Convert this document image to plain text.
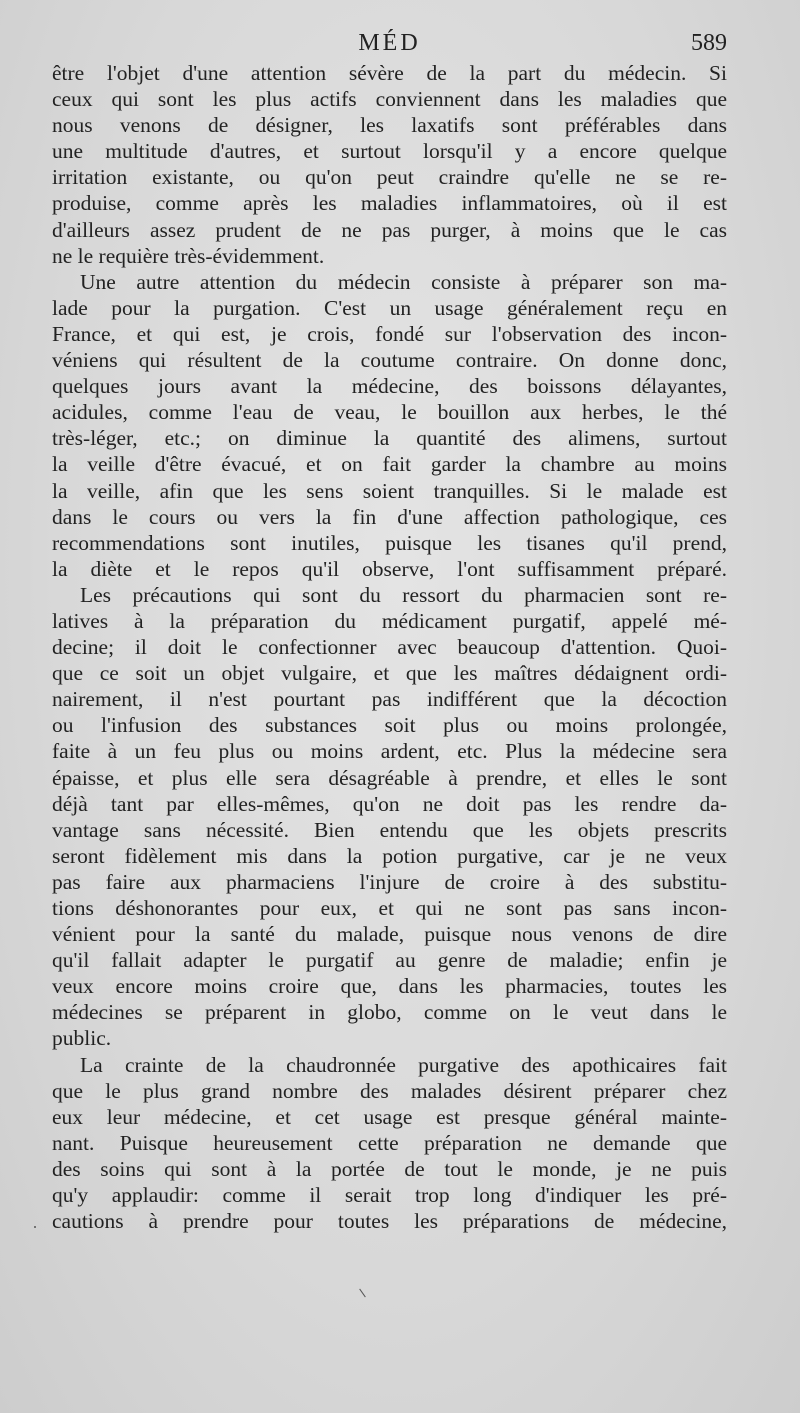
MÉD	589
être l'objet d'une attention sévère de la part du médecin. Si
ceux qui sont les plus actifs conviennent dans les maladies que
nous venons de désigner, les laxatifs sont préférables dans
une multitude d'autres, et surtout lorsqu'il y a encore quelque
irritation existante, ou qu'on peut craindre qu'elle ne se re-
produise, comme après les maladies inflammatoires, où il est
d'ailleurs assez prudent de ne pas purger, à moins que le cas
ne le requière très-évidemment.
Une autre attention du médecin consiste à préparer son ma-
lade pour la purgation. C'est un usage généralement reçu en
France, et qui est, je crois, fondé sur l'observation des incon-
véniens qui résultent de la coutume contraire. On donne donc,
quelques jours avant la médecine, des boissons délayantes,
acidules, comme l'eau de veau, le bouillon aux herbes, le thé
très-léger, etc.; on diminue la quantité des alimens, surtout
la veille d'être évacué, et on fait garder la chambre au moins
la veille, afin que les sens soient tranquilles. Si le malade est
dans le cours ou vers la fin d'une affection pathologique, ces
recommendations sont inutiles, puisque les tisanes qu'il prend,
la diète et le repos qu'il observe, l'ont suffisamment préparé.
Les précautions qui sont du ressort du pharmacien sont re-
latives à la préparation du médicament purgatif, appelé mé-
decine; il doit le confectionner avec beaucoup d'attention. Quoi-
que ce soit un objet vulgaire, et que les maîtres dédaignent ordi-
nairement, il n'est pourtant pas indifférent que la décoction
ou l'infusion des substances soit plus ou moins prolongée,
faite à un feu plus ou moins ardent, etc. Plus la médecine sera
épaisse, et plus elle sera désagréable à prendre, et elles le sont
déjà tant par elles-mêmes, qu'on ne doit pas les rendre da-
vantage sans nécessité. Bien entendu que les objets prescrits
seront fidèlement mis dans la potion purgative, car je ne veux
pas faire aux pharmaciens l'injure de croire à des substitu-
tions déshonorantes pour eux, et qui ne sont pas sans incon-
vénient pour la santé du malade, puisque nous venons de dire
qu'il fallait adapter le purgatif au genre de maladie; enfin je
veux encore moins croire que, dans les pharmacies, toutes les
médecines se préparent in globo, comme on le veut dans le
public.
La crainte de la chaudronnée purgative des apothicaires fait
que le plus grand nombre des malades désirent préparer chez
eux leur médecine, et cet usage est presque général mainte-
nant. Puisque heureusement cette préparation ne demande que
des soins qui sont à la portée de tout le monde, je ne puis
qu'y applaudir: comme il serait trop long d'indiquer les pré-
cautions à prendre pour toutes les préparations de médecine,
